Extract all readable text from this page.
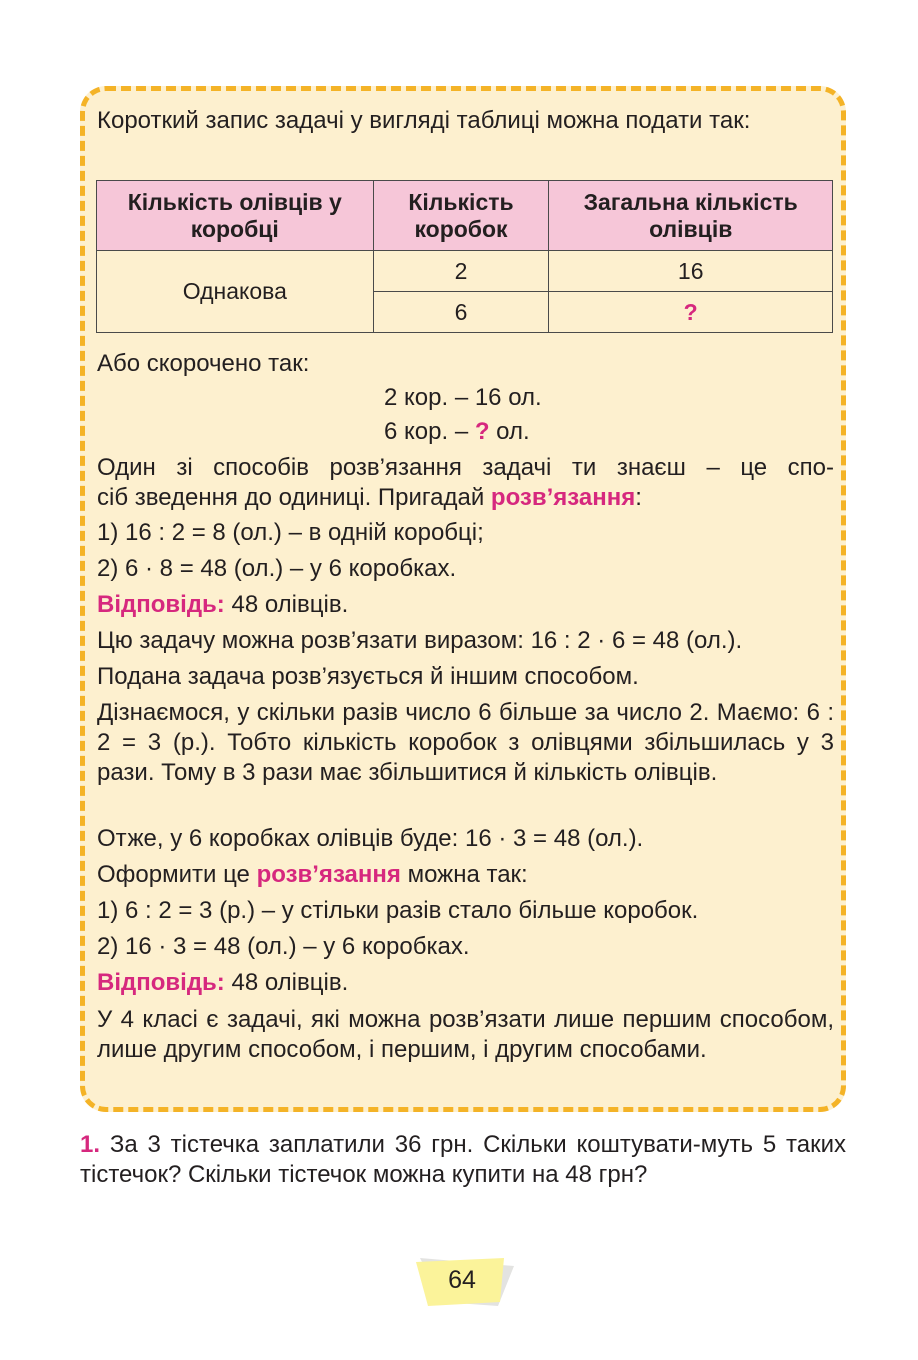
Короткий запис задачі у вигляді таблиці можна подати так:
Кількість олівців у коробці	Кількість коробок	Загальна кількість олівців
Однакова	2	16
	6	?
Або скорочено так:
2 кор. – 16 ол.
6 кор. – ? ол.
Один зі способів розв’язання задачі ти знаєш – це спо-
сіб зведення до одиниці. Пригадай розв’язання:
1) 16 : 2 = 8 (ол.) – в одній коробці;
2) 6 · 8 = 48 (ол.) – у 6 коробках.
Відповідь: 48 олівців.
Цю задачу можна розв’язати виразом: 16 : 2 · 6 = 48 (ол.).
Подана задача розв’язується й іншим способом.
Дізнаємося, у скільки разів число 6 більше за число 2. Маємо: 6 : 2 = 3 (р.). Тобто кількість коробок з олівцями збільшилась у 3 рази. Тому в 3 рази має збільшитися й кількість олівців.
Отже, у 6 коробках олівців буде: 16 · 3 = 48 (ол.).
Оформити це розв’язання можна так:
1) 6 : 2 = 3 (р.) – у стільки разів стало більше коробок.
2) 16 · 3 = 48 (ол.) – у 6 коробках.
Відповідь: 48 олівців.
У 4 класі є задачі, які можна розв’язати лише першим способом, лише другим способом, і першим, і другим способами.
1. За 3 тістечка заплатили 36 грн. Скільки коштувати-муть 5 таких тістечок? Скільки тістечок можна купити на 48 грн?
64
